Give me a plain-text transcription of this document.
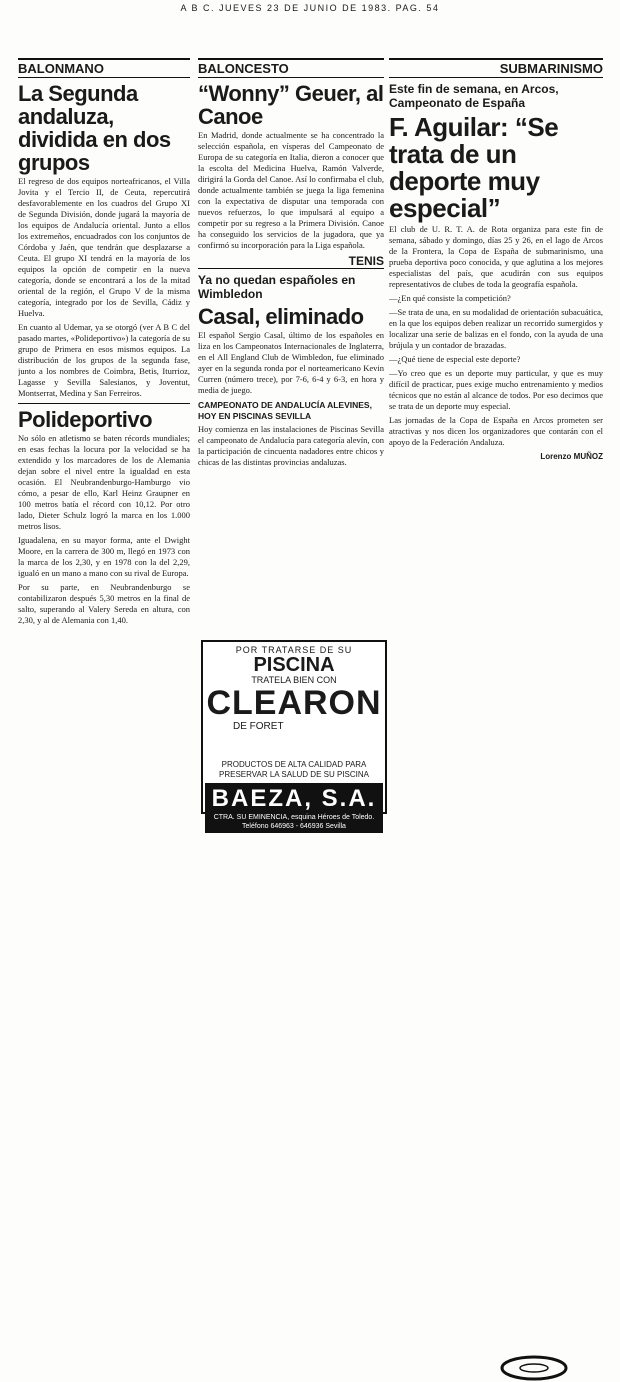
A B C. JUEVES 23 DE JUNIO DE 1983. PAG. 54
BALONMANO
La Segunda andaluza, dividida en dos grupos

El regreso de dos equipos norteafricanos, el Villa Jovita y el Tercio II, de Ceuta, repercutirá desfavorablemente en los cuadros del Grupo XI de Segunda División, donde jugará la mayoría de los equipos de Andalucía oriental. Junto a ellos los extremeños, encuadrados con los conjuntos de Córdoba y Jaén, que tendrán que desplazarse a Ceuta. El grupo XI tendrá en la mayoría de los equipos la opción de competir en la nueva categoría, donde se encontrará a los de la mitad oriental de la región, el Grupo V de la misma categoría, integrado por los de Sevilla, Cádiz y Huelva.

En cuanto al Udemar, ya se otorgó (ver A B C del pasado martes, «Polideportivo») la categoría de su grupo de Primera en esos mismos equipos. La distribución de los grupos de la segunda fase, junto a los nombres de Coimbra, Betis, Iturrioz, Lagasse y Sevilla Salesianos, y Joventut, Montserrat, Medina y San Ferreiros.

Polideportivo

No sólo en atletismo se baten récords mundiales; en esas fechas la locura por la velocidad se ha extendido y los marcadores de los de Alemania dejan sobre el nivel entre la igualdad en esta ocasión. El Neubrandenburgo-Hamburgo vio cómo, a pesar de ello, Karl Heinz Graupner en 100 metros batía el récord con 10,12. Por otro lado, Dieter Schulz logró la marca en los 1.000 metros lisos.

Iguadalena, en su mayor forma, ante el Dwight Moore, en la carrera de 300 m, llegó en 1973 con la marca de los 2,30, y en 1978 con la del 2,29, igualó en un mano a mano con su rival de Europa.

Por su parte, en Neubrandenburgo se contabilizaron después 5,30 metros en la final de salto, superando al Valery Sereda en altura, con 2,30, y al de Alemania con 1,40.

BALONCESTO
“Wonny” Geuer, al Canoe

En Madrid, donde actualmente se ha concentrado la selección española, en vísperas del Campeonato de Europa de su categoría en Italia, dieron a conocer que la escolta del Medicina Huelva, Ramón Valverde, dirigirá la Gorda del Canoe. Así lo confirmaba el club, donde actualmente también se juega la liga femenina con la expectativa de disputar una temporada con nuevos refuerzos, lo que impulsará al equipo a competir por su regreso a la Primera División. Canoe ha conseguido los servicios de la jugadora, que ya confirmó su incorporación para la Liga española.

TENIS
Ya no quedan españoles en Wimbledon
Casal, eliminado

El español Sergio Casal, último de los españoles en liza en los Campeonatos Internacionales de Inglaterra, en el All England Club de Wimbledon, fue eliminado ayer en la segunda ronda por el norteamericano Kevin Curren (número trece), por 7-6, 6-4 y 6-3, en hora y media de juego.

CAMPEONATO DE ANDALUCÍA ALEVINES, HOY EN PISCINAS SEVILLA

Hoy comienza en las instalaciones de Piscinas Sevilla el campeonato de Andalucía para categoría alevín, con la participación de cincuenta nadadores entre chicos y chicas de las distintas provincias andaluzas.

POR TRATARSE DE SU
PISCINA
TRATELA BIEN CON
CLEARON
DE FORET
PRODUCTOS DE ALTA CALIDAD PARA PRESERVAR LA SALUD DE SU PISCINA
BAEZA, S.A.
CTRA. SU EMINENCIA, esquina Héroes de Toledo. Teléfono 646963 - 646936 Sevilla
SUBMARINISMO
Este fin de semana, en Arcos, Campeonato de España
F. Aguilar: “Se trata de un deporte muy especial”

El club de U. R. T. A. de Rota organiza para este fin de semana, sábado y domingo, días 25 y 26, en el lago de Arcos de la Frontera, la Copa de España de submarinismo, una prueba deportiva poco conocida, y que aglutina a los mejores especialistas del país, que acudirán con sus equipos representativos de clubes de toda la geografía española.

—¿En qué consiste la competición?

—Se trata de una, en su modalidad de orientación subacuática, en la que los equipos deben realizar un recorrido sumergidos y localizar una serie de balizas en el fondo, con la ayuda de una brújula y un contador de brazadas.

—¿Qué tiene de especial este deporte?

—Yo creo que es un deporte muy particular, y que es muy difícil de practicar, pues exige mucho entrenamiento y medios técnicos que no están al alcance de todos. Por eso decimos que se trata de un deporte muy especial.

Las jornadas de la Copa de España en Arcos prometen ser atractivas y nos dicen los organizadores que contarán con el apoyo de la Federación Andaluza.

Lorenzo MUÑOZ
